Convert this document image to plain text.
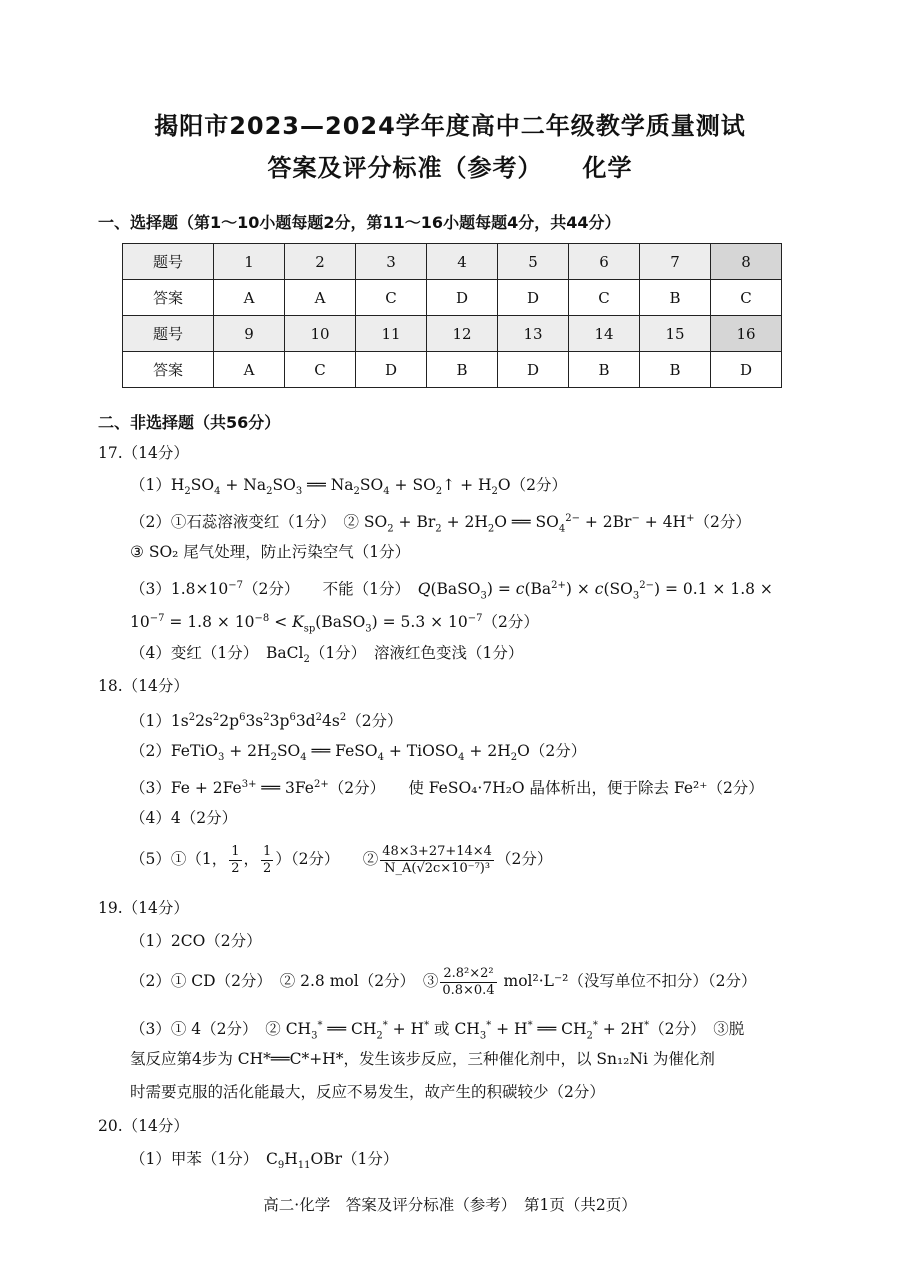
揭阳市2023—2024学年度高中二年级教学质量测试
答案及评分标准（参考） 化学
一、选择题（第1～10小题每题2分，第11～16小题每题4分，共44分）
题号	1	2	3	4	5	6	7	8
答案	A	A	C	D	D	C	B	C
题号	9	10	11	12	13	14	15	16
答案	A	C	D	B	D	B	B	D
二、非选择题（共56分）
17.（14分）
$(1)H_2SO_4 + Na_2SO_3$ ══ $Na_2SO_4$ + $SO_2↑ + H_2O(2$分）
（2）①石蕊溶液变红（1分）　② $SO_2 + Br_2 + 2H_2O$ ══ $SO_4^{2-} + 2Br^- + 4H^+(2$分）
③ SO₂ 尾气处理，防止污染空气（1分）
$(3)1.8\times 10^{-7}(2$分）　　 不能（1分）　 Q(BaSO$_3$) = $c(Ba^{2+}) \times c(SO_3^{2-}) = 0.1 \times 1.8$ ×
$10^{-7} = 1.8 \times 10^{-8}$ < $K_{sp}(BaSO_3) = 5.3 \times 10^{-7}(2$分）
（4）变红（1分）　BaCl$_2$（1分）　 溶液红色变浅（1分）
18.（14分）
$(1)1s^22s^22p^63s^23p^63d^24s^2(2$分）
（2）FeTiO$_3$ + $2H_2SO_4$ ══ FeSO$_4$ + TiOSO$_4$ + $2H_2O(2$分）
$(3)Fe + 2Fe^{3+}$ ══ $3Fe^{2+}(2$分）　　 使 FeSO₄·7H₂O 晶体析出，便于除去 Fe²⁺（2分）
（4）4（2分）
（5）①（1， $\frac{1}{2}$ ， $\frac{1}{2} )(2$分）　　 ② $\frac{48\times 3+27+14\times 4}{\text{N\_A(√2c×10⁻⁷)³}} (2$分）
19.（14分）
（1）2CO（2分）
（2）① CD（2分）　 ② 2.8 mol（2分）　 ③ $\frac{\text{2.8²×2²}}{0.8\times 0.4} mol^2\cdot L^{-2}$（没写单位不扣分）（2分）
（3）① 4（2分）　② $CH_3^*$ ══ $CH_2^* + H^*$ 或 $CH_3^* + H^*$ ══ $CH_2^* + 2H^*(2$分）　 ③脱
氢反应第4步为 CH*══C*+H*，发生该步反应，三种催化剂中，以 Sn₁₂Ni 为催化剂
时需要克服的活化能最大，反应不易发生，故产生的积碳较少（2分）
20.（14分）
（1）甲苯（1分）　$C_9H_{11}OBr(1$分）
高二·化学　答案及评分标准（参考）　第1页（共2页）
